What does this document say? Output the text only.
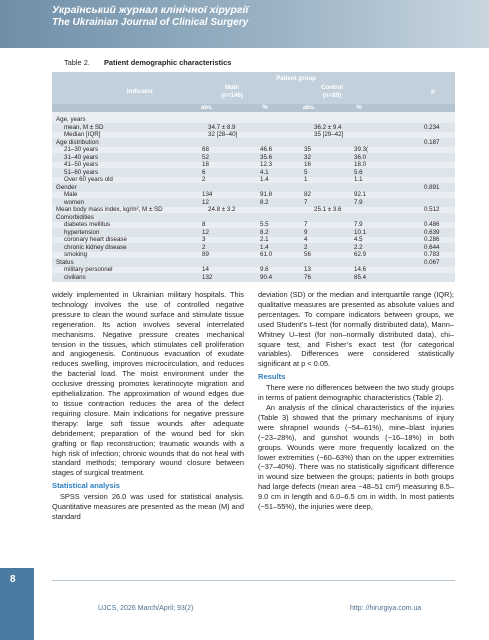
Український журнал клінічної хірургії
The Ukrainian Journal of Clinical Surgery
Table 2. Patient demographic characteristics
Indicator
Patient group
Main
(n=146)
Control
(n=89)
p
abs.	%	abs.	%
Age, years
mean, M ± SD	34.7 ± 8.9	36.2 ± 9.4	0.234
Median [IQR]	32 [28–40]	35 [29–42]
Age distribution	0.187
21–30 years	68	46.6	35	39.3(
31–40 years	52	35.6	32	36.0
41–50 years	18	12.3	16	18.0
51–60 years	6	4.1	5	5.6
Over 60 years old	2	1.4	1	1.1
Gender	0.891
Male	134	91.8	82	92.1
women	12	8.2	7	7.9
Mean body mass index, kg/m², M ± SD	24.8 ± 3.2	25.1 ± 3.6	0.512
Comorbidities
diabetes mellitus	8	5.5	7	7.9	0.486
hypertension	12	8.2	9	10.1	0.639
coronary heart disease	3	2.1	4	4.5	0.286
chronic kidney disease	2	1.4	2	2.2	0.644
smoking	89	61.0	56	62.9	0.783
Status	0.067
military personnel	14	9.6	13	14.6
civilians	132	90.4	76	85.4

widely implemented in Ukrainian military hospitals. This technology involves the use of controlled negative pressure to clean the wound surface and stimulate tissue regeneration. Its action involves several interrelated mechanisms. Negative pressure creates mechanical tension in the tissues, which stimulates cell proliferation and angiogenesis. Continuous evacuation of exudate reduces swelling, improves microcirculation, and reduces the bacterial load. The moist environment under the occlusive dressing promotes keratinocyte migration and epithelialization. The approximation of wound edges due to tissue contraction reduces the area of the defect requiring closure. Main indications for negative pressure therapy: large soft tissue wounds after adequate debridement; preparation of the wound bed for skin grafting or flap reconstruction; traumatic wounds with a high risk of infection; chronic wounds that do not heal with standard methods; temporary wound closure between stages of surgical treatment.

Statistical analysis

SPSS version 26.0 was used for statistical analysis. Quantitative measures are presented as the mean (M) and standard

deviation (SD) or the median and interquartile range (IQR); qualitative measures are presented as absolute values and percentages. To compare indicators between groups, we used Student’s t–test (for normally distributed data), Mann–Whitney U–test (for non–normally distributed data), chi–square test, and Fisher’s exact test (for categorical variables). Differences were considered statistically significant at p < 0.05.

Results

There were no differences between the two study groups in terms of patient demographic characteristics (Table 2).

An analysis of the clinical characteristics of the injuries (Table 3) showed that the primary mechanisms of injury were shrapnel wounds (~54–61%), mine–blast injuries (~23–28%), and gunshot wounds (~16–18%) in both groups. Wounds were more frequently localized on the lower extremities (~60–63%) than on the upper extremities (~37–40%). There was no statistically significant difference in wound size between the groups; patients in both groups had large defects (mean area ~48–51 cm²) measuring 8.5–9.0 cm in length and 6.0–6.5 cm in width. In most patients (~51–55%), the injuries were deep,

8
UJCS, 2026 March/April; 93(2)	http: //hirurgiya.com.ua
